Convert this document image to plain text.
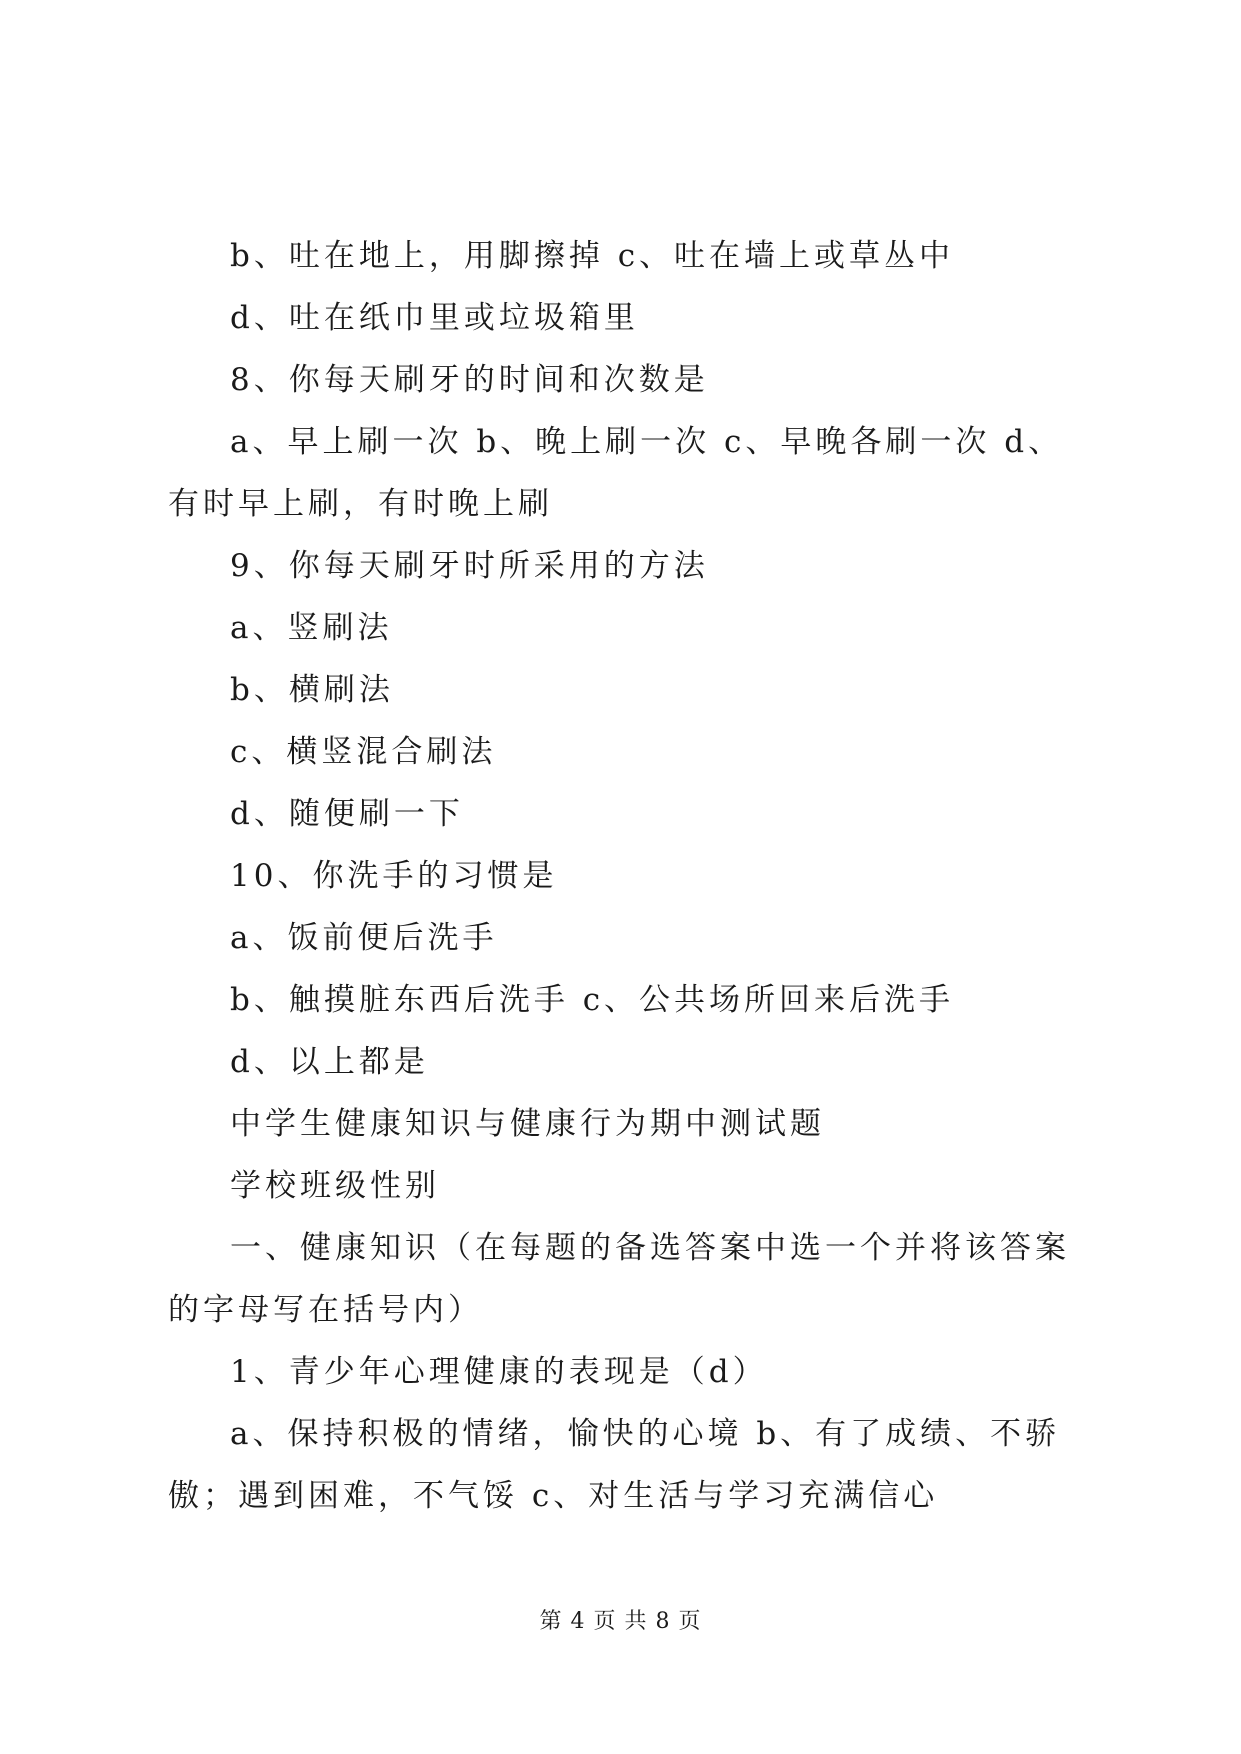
b、吐在地上，用脚擦掉 c、吐在墙上或草丛中

d、吐在纸巾里或垃圾箱里

8、你每天刷牙的时间和次数是

a、早上刷一次 b、晚上刷一次 c、早晚各刷一次 d、有时早上刷，有时晚上刷

9、你每天刷牙时所采用的方法

a、竖刷法

b、横刷法

c、横竖混合刷法

d、随便刷一下

10、你洗手的习惯是

a、饭前便后洗手

b、触摸脏东西后洗手 c、公共场所回来后洗手

d、以上都是

中学生健康知识与健康行为期中测试题

学校班级性别

一、健康知识（在每题的备选答案中选一个并将该答案的字母写在括号内）

1、青少年心理健康的表现是（d）

a、保持积极的情绪，愉快的心境 b、有了成绩、不骄傲；遇到困难，不气馁 c、对生活与学习充满信心

第 4 页 共 8 页
